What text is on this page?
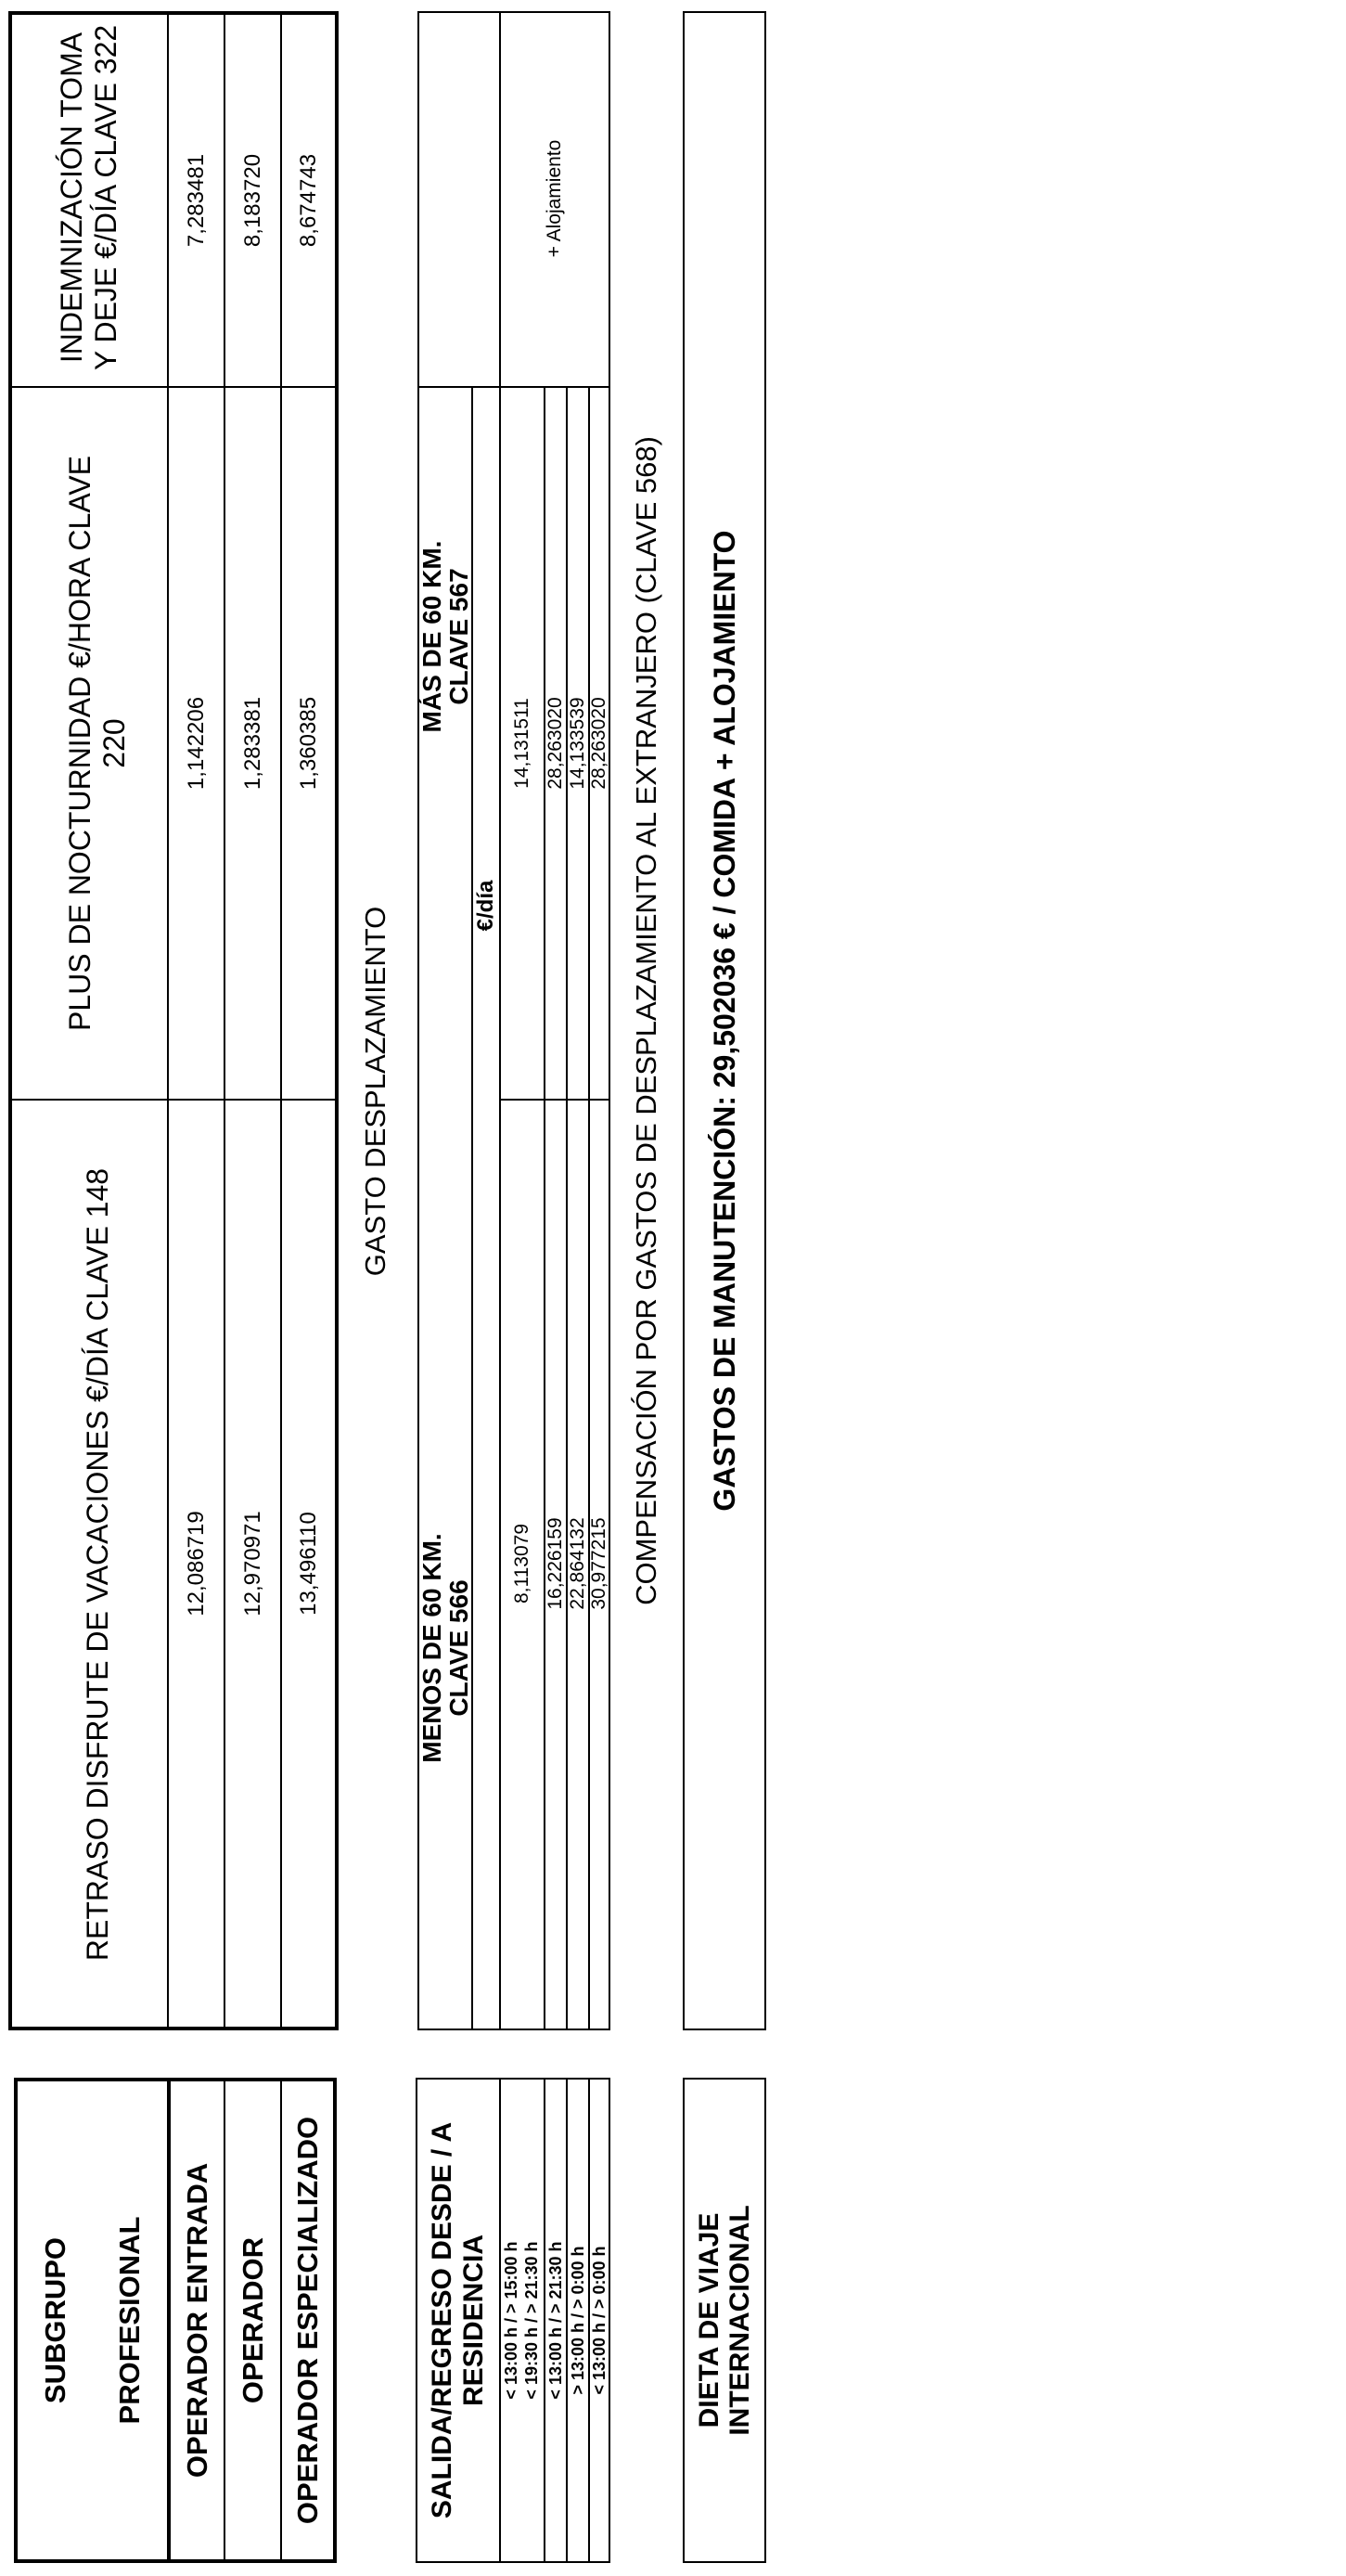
SUBGRUPO PROFESIONAL	OPERADOR ENTRADA OPERADOR OPERADOR ESPECIALIZADO
RETRASO DISFRUTE DE VACACIONES €/DÍA CLAVE 148
PLUS DE NOCTURNIDAD €/HORA CLAVE 220
INDEMNIZACIÓN TOMA Y DEJE €/DÍA CLAVE 322
12,086719
1,142206
7,283481
12,970971
1,283381
8,183720
13,496110
1,360385
8,674743
GASTO DESPLAZAMIENTO
SALIDA/REGRESO DESDE / A RESIDENCIA < 13:00 h / > 15:00 h < 19:30 h / > 21:30 h < 13:00 h / > 21:30 h > 13:00 h / > 0:00 h < 13:00 h / > 0:00 h
MENOS DE 60 KM.
CLAVE 566
MÁS DE 60 KM.
CLAVE 567
€/día
8,113079
14,131511
16,226159
28,263020
22,864132
14,133539
30,977215
28,263020
+ Alojamiento
COMPENSACIÓN POR GASTOS DE DESPLAZAMIENTO AL EXTRANJERO (CLAVE 568)
DIETA DE VIAJE INTERNACIONAL
GASTOS DE MANUTENCIÓN: 29,502036 € / COMIDA + ALOJAMIENTO
